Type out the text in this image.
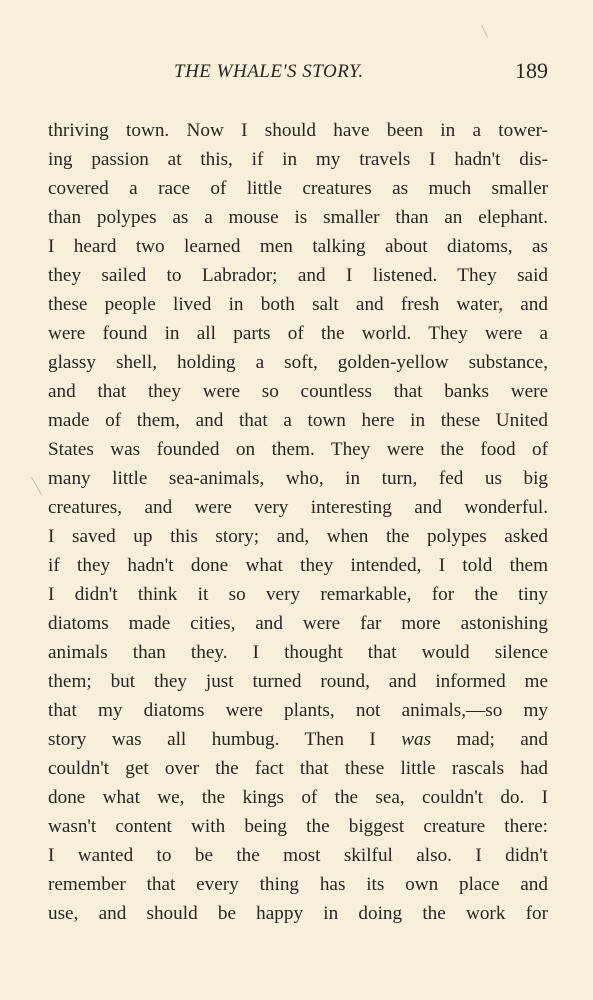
THE WHALE'S STORY.	189
thriving town. Now I should have been in a tower-
ing passion at this, if in my travels I hadn't dis-
covered a race of little creatures as much smaller
than polypes as a mouse is smaller than an elephant.
I heard two learned men talking about diatoms, as
they sailed to Labrador; and I listened. They said
these people lived in both salt and fresh water, and
were found in all parts of the world. They were a
glassy shell, holding a soft, golden-yellow substance,
and that they were so countless that banks were
made of them, and that a town here in these United
States was founded on them. They were the food of
many little sea-animals, who, in turn, fed us big
creatures, and were very interesting and wonderful.
I saved up this story; and, when the polypes asked
if they hadn't done what they intended, I told them
I didn't think it so very remarkable, for the tiny
diatoms made cities, and were far more astonishing
animals than they. I thought that would silence
them; but they just turned round, and informed me
that my diatoms were plants, not animals,—so my
story was all humbug. Then I was mad; and
couldn't get over the fact that these little rascals had
done what we, the kings of the sea, couldn't do. I
wasn't content with being the biggest creature there:
I wanted to be the most skilful also. I didn't
remember that every thing has its own place and
use, and should be happy in doing the work for
